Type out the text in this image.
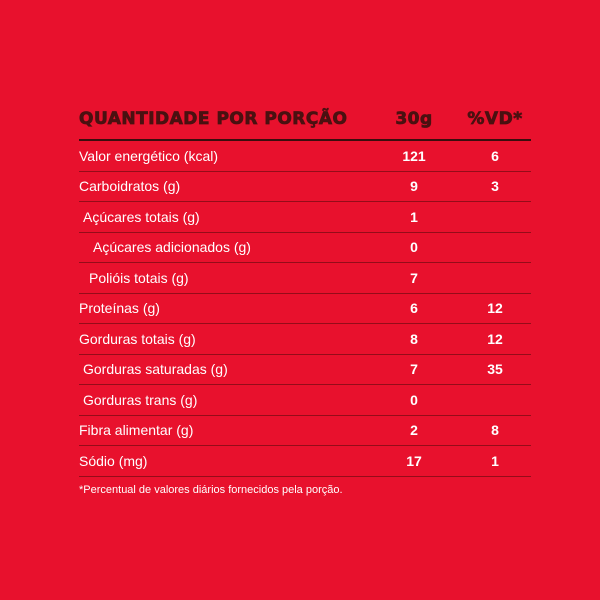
QUANTIDADE POR PORÇÃO	30g	%VD*
Valor energético (kcal)	121	6
Carboidratos (g)	9	3
Açúcares totais (g)	1
Açúcares adicionados (g)	0
Polióis totais (g)	7
Proteínas (g)	6	12
Gorduras totais (g)	8	12
Gorduras saturadas (g)	7	35
Gorduras trans (g)	0
Fibra alimentar (g)	2	8
Sódio (mg)	17	1
*Percentual de valores diários fornecidos pela porção.
